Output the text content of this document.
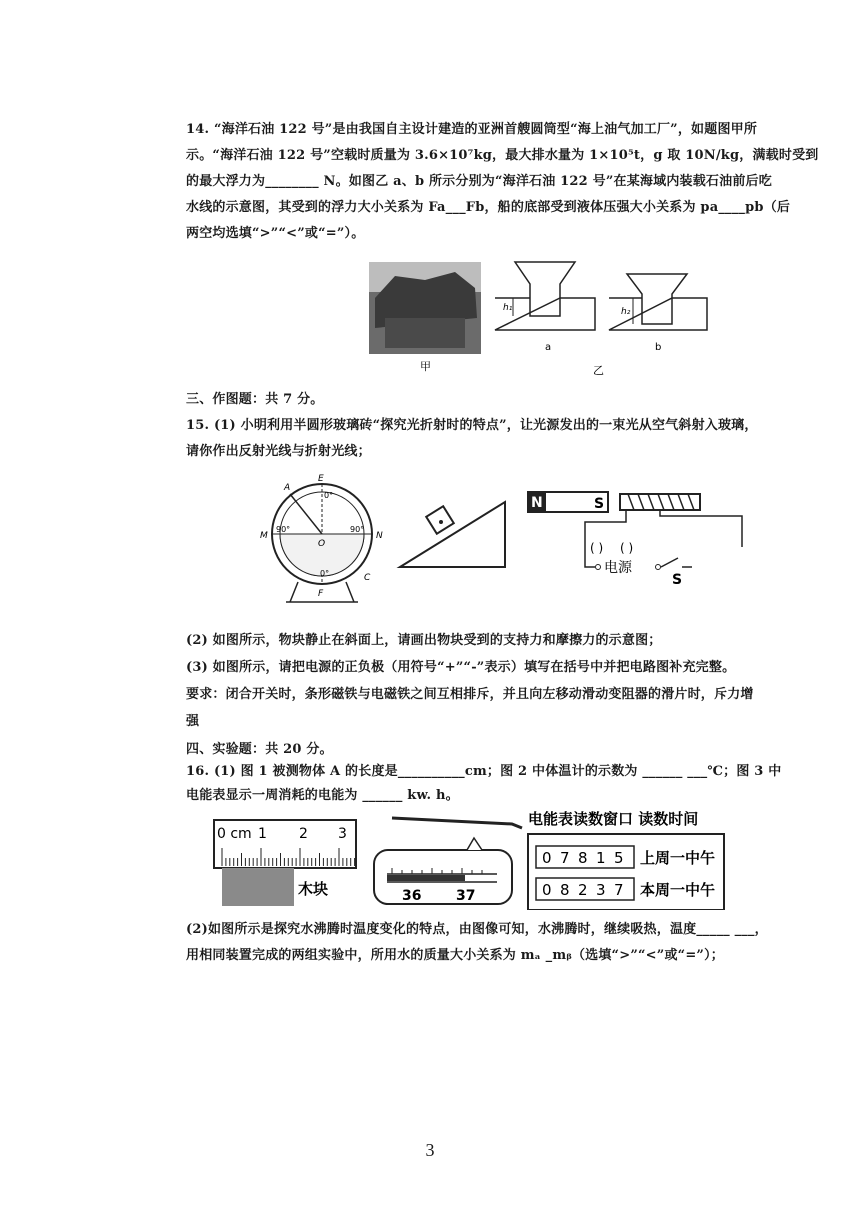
14. “海洋石油 122 号”是由我国自主设计建造的亚洲首艘圆筒型“海上油气加工厂”，如题图甲所
示。“海洋石油 122 号”空载时质量为 3.6×10⁷kg，最大排水量为 1×10⁵t，g 取 10N/kg，满载时受到
的最大浮力为________ N。如图乙 a、b 所示分别为“海洋石油 122 号”在某海域内装载石油前后吃
水线的示意图，其受到的浮力大小关系为 Fa___Fb，船的底部受到液体压强大小关系为 pa____pb（后
两空均选填“>”“<”或“=”）。
h₁	h₂
a	b
甲	乙
三、作图题：共 7 分。
15. (1) 小明利用半圆形玻璃砖“探究光折射时的特点”，让光源发出的一束光从空气斜射入玻璃，
请你作出反射光线与折射光线；
A
E
0°
M
90°
O
90°
N
0°	C
F
N	S
( ) ( )
电源
S
(2) 如图所示，物块静止在斜面上，请画出物块受到的支持力和摩擦力的示意图；
(3) 如图所示，请把电源的正负极（用符号“+”“-”表示）填写在括号中并把电路图补充完整。
要求：闭合开关时，条形磁铁与电磁铁之间互相排斥，并且向左移动滑动变阻器的滑片时，斥力增
强
四、实验题：共 20 分。
16. (1) 图 1 被测物体 A 的长度是__________cm；图 2 中体温计的示数为 ______ ___℃；图 3 中
电能表显示一周消耗的电能为 ______ kw. h。
0 cm 1 2 3
木块	36 37
电能表读数窗口 读数时间
0 7 8 1 5 上周一中午
0 8 2 3 7 本周一中午
(2)如图所示是探究水沸腾时温度变化的特点，由图像可知，水沸腾时，继续吸热，温度_____ ___，
用相同装置完成的两组实验中，所用水的质量大小关系为 mₐ _mᵦ（选填“>”“<”或“=”）；
3
